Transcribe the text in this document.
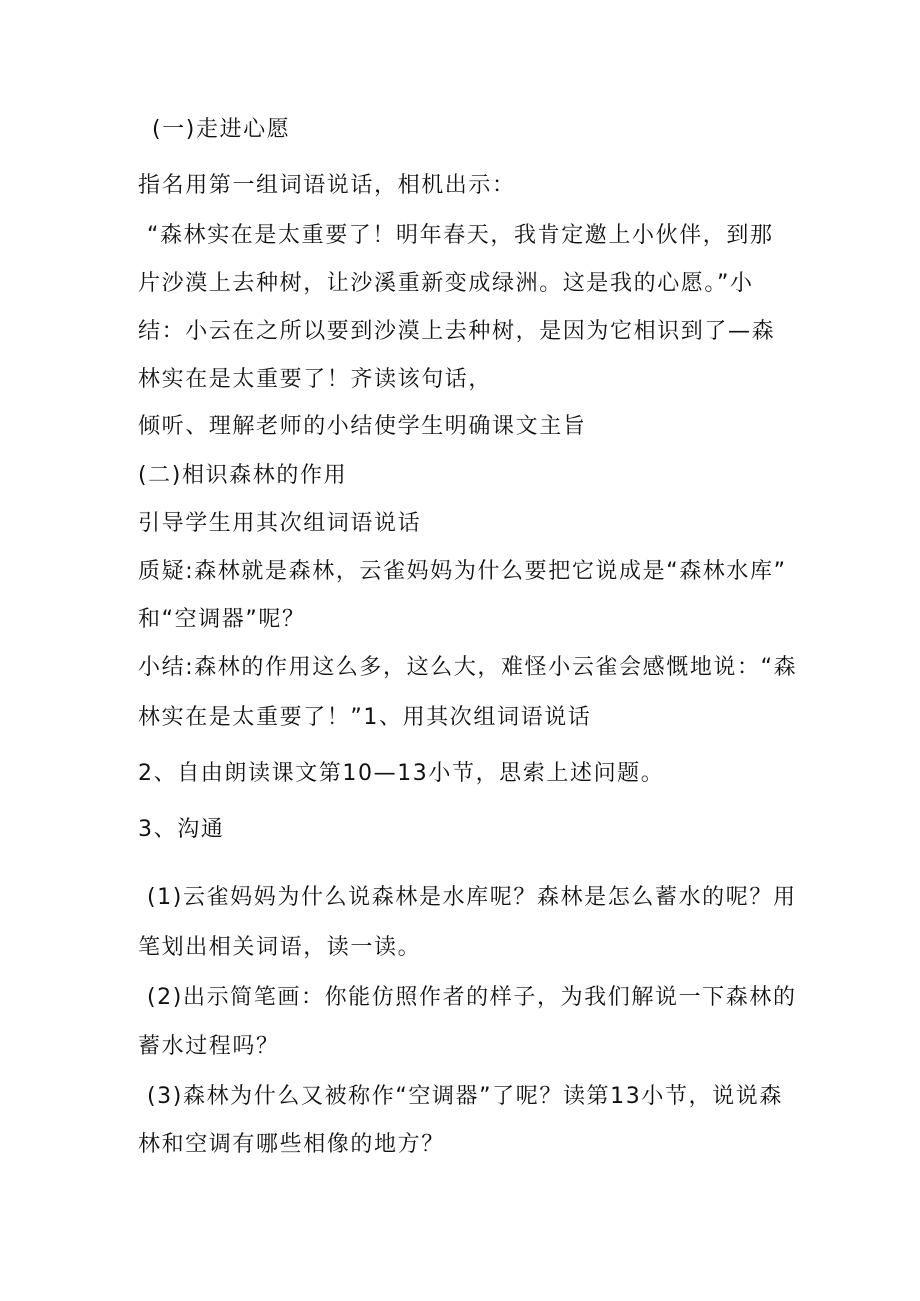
(一)走进心愿
指名用第一组词语说话，相机出示：
“森林实在是太重要了！明年春天，我肯定邀上小伙伴，到那
片沙漠上去种树，让沙溪重新变成绿洲。这是我的心愿。”小
结：小云在之所以要到沙漠上去种树，是因为它相识到了—森
林实在是太重要了！齐读该句话，
倾听、理解老师的小结使学生明确课文主旨
(二)相识森林的作用
引导学生用其次组词语说话
质疑:森林就是森林，云雀妈妈为什么要把它说成是“森林水库”
和“空调器”呢？
小结:森林的作用这么多，这么大，难怪小云雀会感慨地说：“森
林实在是太重要了！”1、用其次组词语说话
2、自由朗读课文第10—13小节，思索上述问题。
3、沟通
(1)云雀妈妈为什么说森林是水库呢？森林是怎么蓄水的呢？用
笔划出相关词语，读一读。
(2)出示简笔画：你能仿照作者的样子，为我们解说一下森林的
蓄水过程吗？
(3)森林为什么又被称作“空调器”了呢？读第13小节，说说森
林和空调有哪些相像的地方？
